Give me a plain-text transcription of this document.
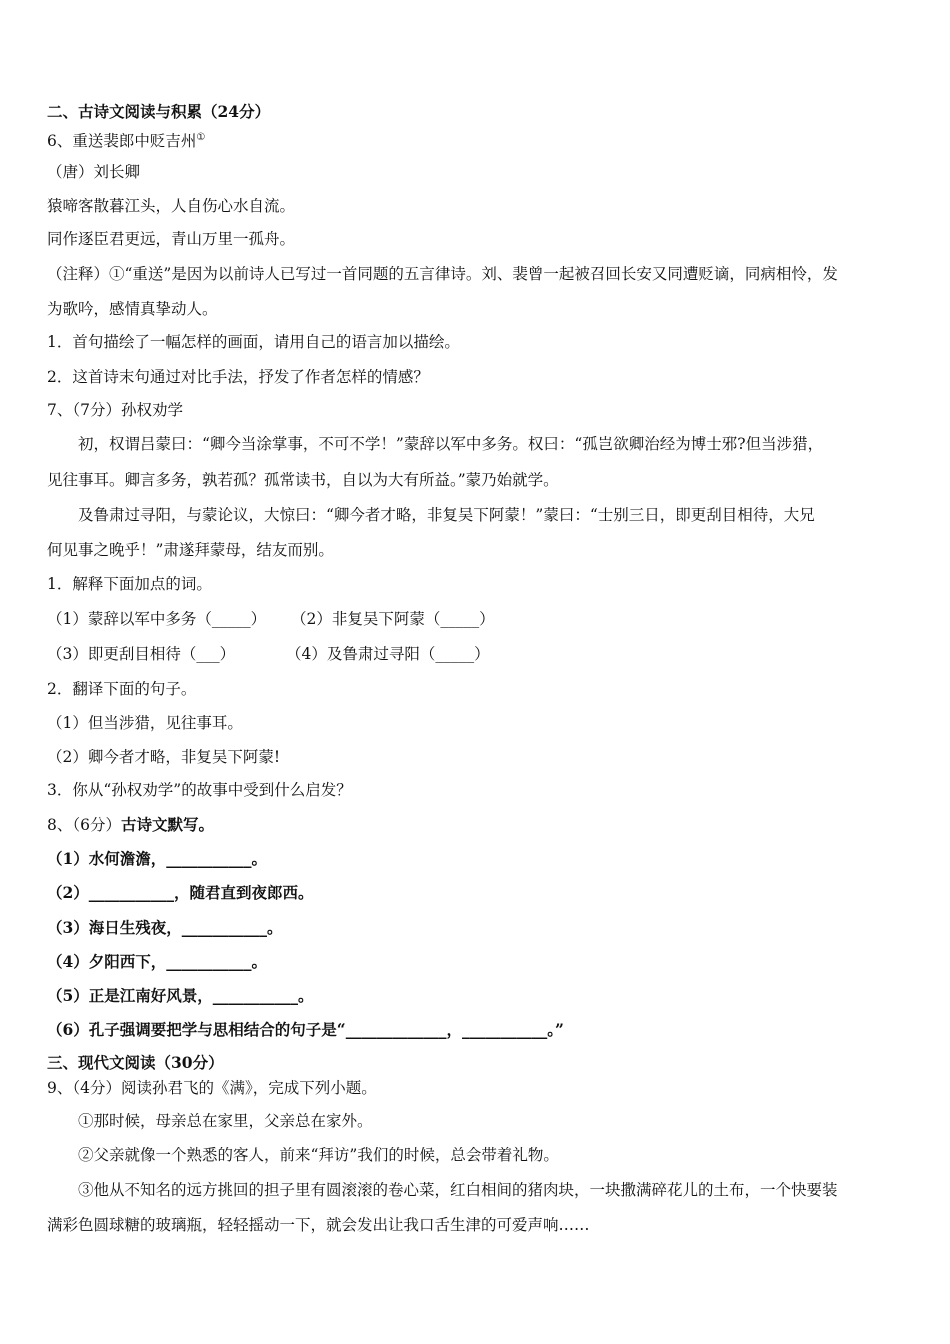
二、古诗文阅读与积累（24分）
6、重送裴郎中贬吉州①
（唐）刘长卿
猿啼客散暮江头，人自伤心水自流。
同作逐臣君更远，青山万里一孤舟。
（注释）①“重送”是因为以前诗人已写过一首同题的五言律诗。刘、裴曾一起被召回长安又同遭贬谪，同病相怜，发
为歌吟，感情真挚动人。
1．首句描绘了一幅怎样的画面，请用自己的语言加以描绘。
2．这首诗末句通过对比手法，抒发了作者怎样的情感？
7、（7分）孙权劝学
初，权谓吕蒙曰：“卿今当涂掌事，不可不学！”蒙辞以军中多务。权曰：“孤岂欲卿治经为博士邪?但当涉猎，
见往事耳。卿言多务，孰若孤？孤常读书，自以为大有所益。”蒙乃始就学。
及鲁肃过寻阳，与蒙论议，大惊曰：“卿今者才略，非复吴下阿蒙！”蒙曰：“士别三日，即更刮目相待，大兄
何见事之晚乎！”肃遂拜蒙母，结友而别。
1．解释下面加点的词。
（1）蒙辞以军中多务（_____） （2）非复吴下阿蒙（_____）
（3）即更刮目相待（___）	（4）及鲁肃过寻阳（_____）
2．翻译下面的句子。
（1）但当涉猎，见往事耳。
（2）卿今者才略，非复吴下阿蒙!
3．你从“孙权劝学”的故事中受到什么启发？
8、（6分）古诗文默写。
（1）水何澹澹，___________。
（2）___________，随君直到夜郎西。
（3）海日生残夜，___________。
（4）夕阳西下，___________。
（5）正是江南好风景，___________。
（6）孔子强调要把学与思相结合的句子是“_____________，___________。”
三、现代文阅读（30分）
9、（4分）阅读孙君飞的《满》，完成下列小题。
①那时候，母亲总在家里，父亲总在家外。
②父亲就像一个熟悉的客人，前来“拜访”我们的时候，总会带着礼物。
③他从不知名的远方挑回的担子里有圆滚滚的卷心菜，红白相间的猪肉块，一块撒满碎花儿的土布，一个快要装
满彩色圆球糖的玻璃瓶，轻轻摇动一下，就会发出让我口舌生津的可爱声响……
